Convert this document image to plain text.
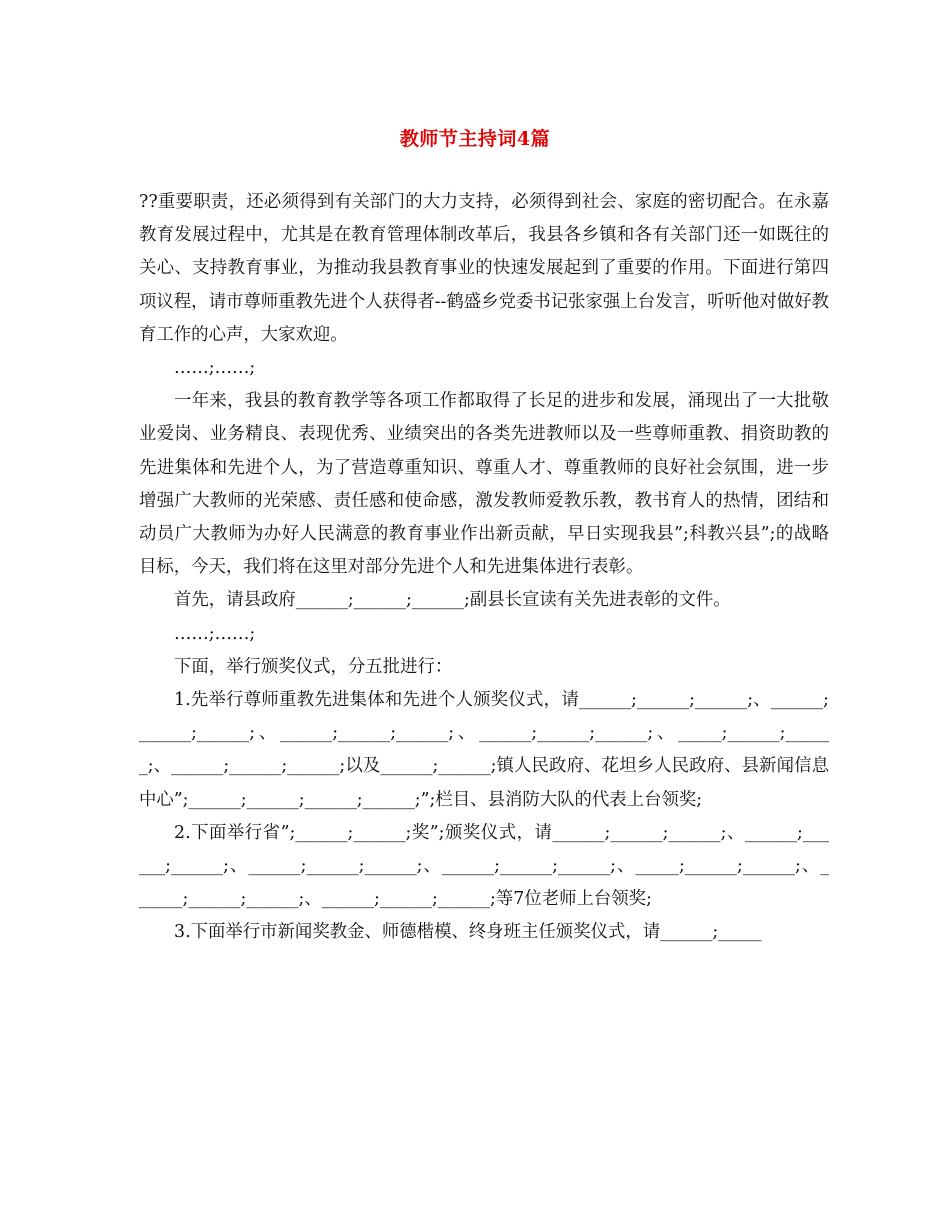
教师节主持词4篇

??重要职责，还必须得到有关部门的大力支持，必须得到社会、家庭的密切配合。在永嘉教育发展过程中，尤其是在教育管理体制改革后，我县各乡镇和各有关部门还一如既往的关心、支持教育事业，为推动我县教育事业的快速发展起到了重要的作用。下面进行第四项议程，请市尊师重教先进个人获得者--鹤盛乡党委书记张家强上台发言，听听他对做好教育工作的心声，大家欢迎。

……;……;

一年来，我县的教育教学等各项工作都取得了长足的进步和发展，涌现出了一大批敬业爱岗、业务精良、表现优秀、业绩突出的各类先进教师以及一些尊师重教、捐资助教的先进集体和先进个人，为了营造尊重知识、尊重人才、尊重教师的良好社会氛围，进一步增强广大教师的光荣感、责任感和使命感，激发教师爱教乐教，教书育人的热情，团结和动员广大教师为办好人民满意的教育事业作出新贡献，早日实现我县”;科教兴县”;的战略目标，今天，我们将在这里对部分先进个人和先进集体进行表彰。

首先，请县政府______;______;______;副县长宣读有关先进表彰的文件。

……;……;

下面，举行颁奖仪式，分五批进行：

1.先举行尊师重教先进集体和先进个人颁奖仪式，请______;______;______;、______;______;______;、______;______;______;、______;______;______;、_____;______;______;、______;______;______;以及______;______;镇人民政府、花坦乡人民政府、县新闻信息中心”;______;______;______;______;”;栏目、县消防大队的代表上台领奖;

2.下面举行省”;______;______;奖”;颁奖仪式，请______;______;______;、______;______;______;、______;______;______;、______;______;______;、_____;______;______;、______;______;______;、______;______;______;等7位老师上台领奖;

3.下面举行市新闻奖教金、师德楷模、终身班主任颁奖仪式，请______;_____
